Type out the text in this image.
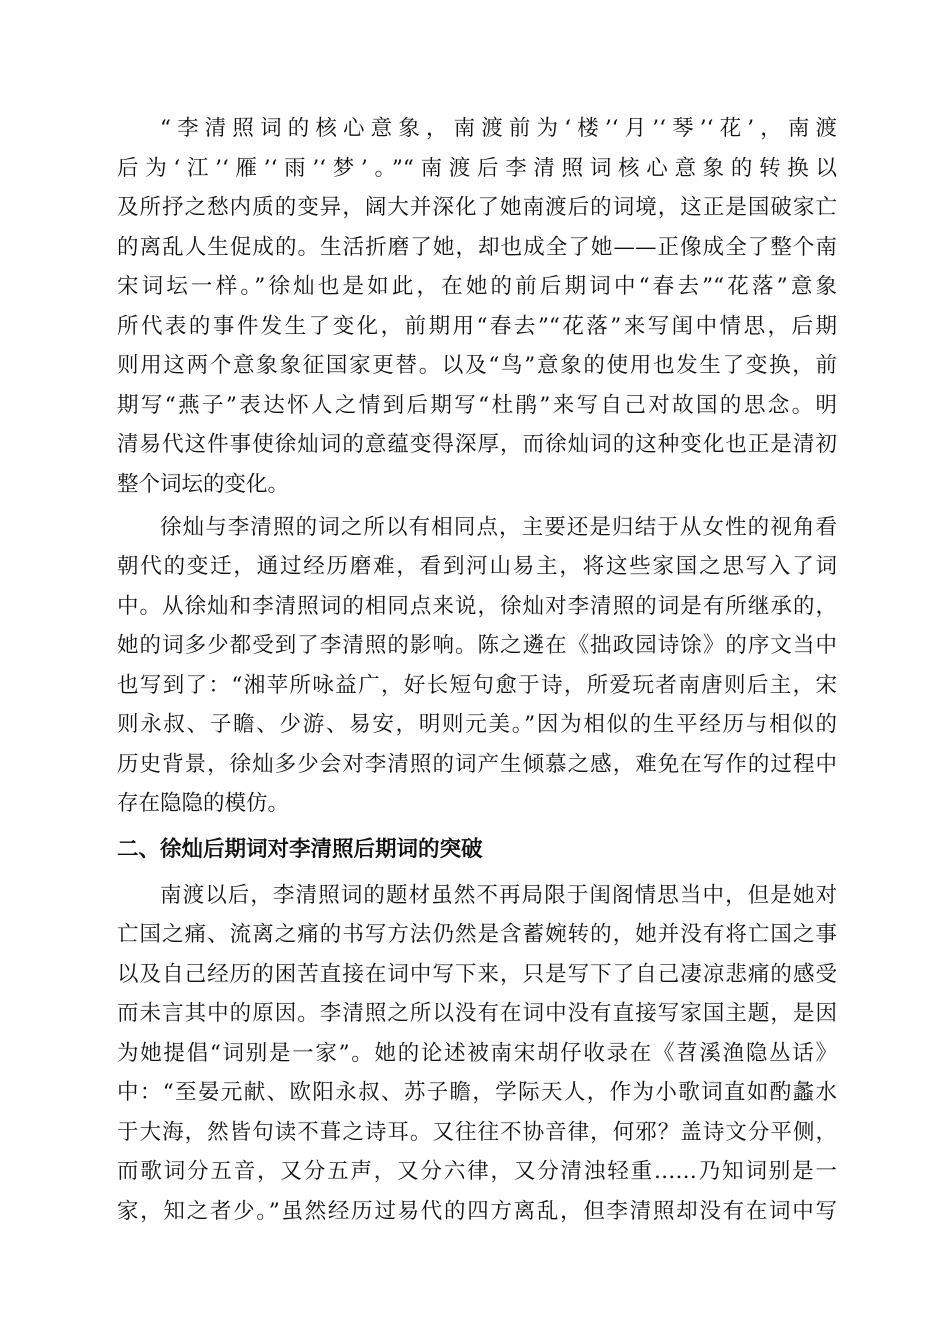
“李清照词的核心意象，南渡前为‘楼’‘月’‘琴’‘花’，南渡
后为‘江’‘雁’‘雨’‘梦’。”“南渡后李清照词核心意象的转换以
及所抒之愁内质的变异，阔大并深化了她南渡后的词境，这正是国破家亡
的离乱人生促成的。生活折磨了她，却也成全了她——正像成全了整个南
宋词坛一样。”徐灿也是如此，在她的前后期词中“春去”“花落”意象
所代表的事件发生了变化，前期用“春去”“花落”来写闺中情思，后期
则用这两个意象象征国家更替。以及“鸟”意象的使用也发生了变换，前
期写“燕子”表达怀人之情到后期写“杜鹃”来写自己对故国的思念。明
清易代这件事使徐灿词的意蕴变得深厚，而徐灿词的这种变化也正是清初
整个词坛的变化。
徐灿与李清照的词之所以有相同点，主要还是归结于从女性的视角看
朝代的变迁，通过经历磨难，看到河山易主，将这些家国之思写入了词
中。从徐灿和李清照词的相同点来说，徐灿对李清照的词是有所继承的，
她的词多少都受到了李清照的影响。陈之遴在《拙政园诗馀》的序文当中
也写到了：“湘苹所咏益广，好长短句愈于诗，所爱玩者南唐则后主，宋
则永叔、子瞻、少游、易安，明则元美。”因为相似的生平经历与相似的
历史背景，徐灿多少会对李清照的词产生倾慕之感，难免在写作的过程中
存在隐隐的模仿。
二、徐灿后期词对李清照后期词的突破
南渡以后，李清照词的题材虽然不再局限于闺阁情思当中，但是她对
亡国之痛、流离之痛的书写方法仍然是含蓄婉转的，她并没有将亡国之事
以及自己经历的困苦直接在词中写下来，只是写下了自己凄凉悲痛的感受
而未言其中的原因。李清照之所以没有在词中没有直接写家国主题，是因
为她提倡“词别是一家”。她的论述被南宋胡仔收录在《苕溪渔隐丛话》
中：“至晏元献、欧阳永叔、苏子瞻，学际天人，作为小歌词直如酌蠡水
于大海，然皆句读不葺之诗耳。又往往不协音律，何邪？盖诗文分平侧，
而歌词分五音，又分五声，又分六律，又分清浊轻重……乃知词别是一
家，知之者少。”虽然经历过易代的四方离乱，但李清照却没有在词中写
